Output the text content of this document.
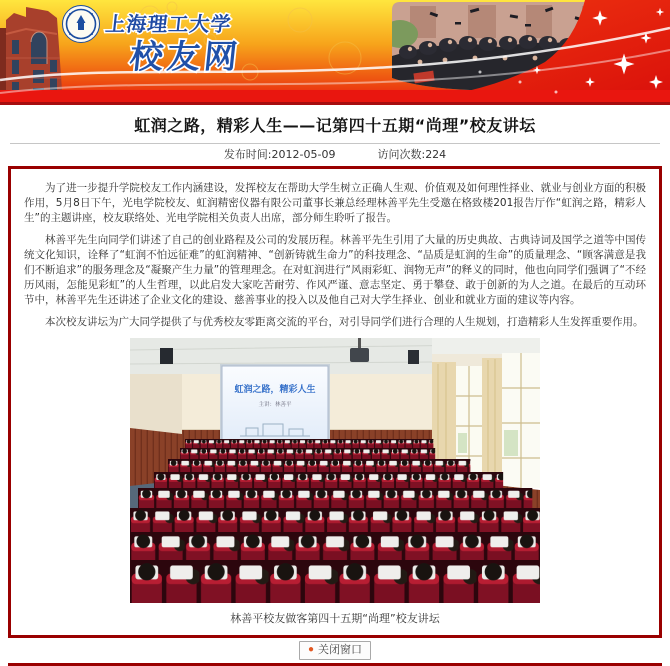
上海理工大学
校友网
虹润之路，精彩人生——记第四十五期“尚理”校友讲坛
发布时间:2012-05-09	访问次数:224

为了进一步提升学院校友工作内涵建设，发挥校友在帮助大学生树立正确人生观、价值观及如何理性择业、就业与创业方面的积极作用，5月8日下午，光电学院校友、虹润精密仪器有限公司董事长兼总经理林善平先生受邀在格致楼201报告厅作“虹润之路，精彩人生”的主题讲座，校友联络处、光电学院相关负责人出席，部分师生聆听了报告。

林善平先生向同学们讲述了自己的创业路程及公司的发展历程。林善平先生引用了大量的历史典故、古典诗词及国学之道等中国传统文化知识，诠释了“虹润不怕远征难”的虹润精神、“创新铸就生命力”的科技理念、“品质是虹润的生命”的质量理念、“顾客满意是我们不断追求”的服务理念及“凝聚产生力量”的管理理念。在对虹润进行“风雨彩虹、润物无声”的释义的同时，他也向同学们强调了“不经历风雨，怎能见彩虹”的人生哲理，以此启发大家吃苦耐劳、作风严谨、意志坚定、勇于攀登、敢于创新的为人之道。在最后的互动环节中，林善平先生还讲述了企业文化的建设、慈善事业的投入以及他自己对大学生择业、创业和就业方面的建议等内容。

本次校友讲坛为广大同学提供了与优秀校友零距离交流的平台，对引导同学们进行合理的人生规划，打造精彩人生发挥重要作用。

虹润之路，精彩人生
主讲：林善平
林善平校友做客第四十五期“尚理”校友讲坛
● 关闭窗口
